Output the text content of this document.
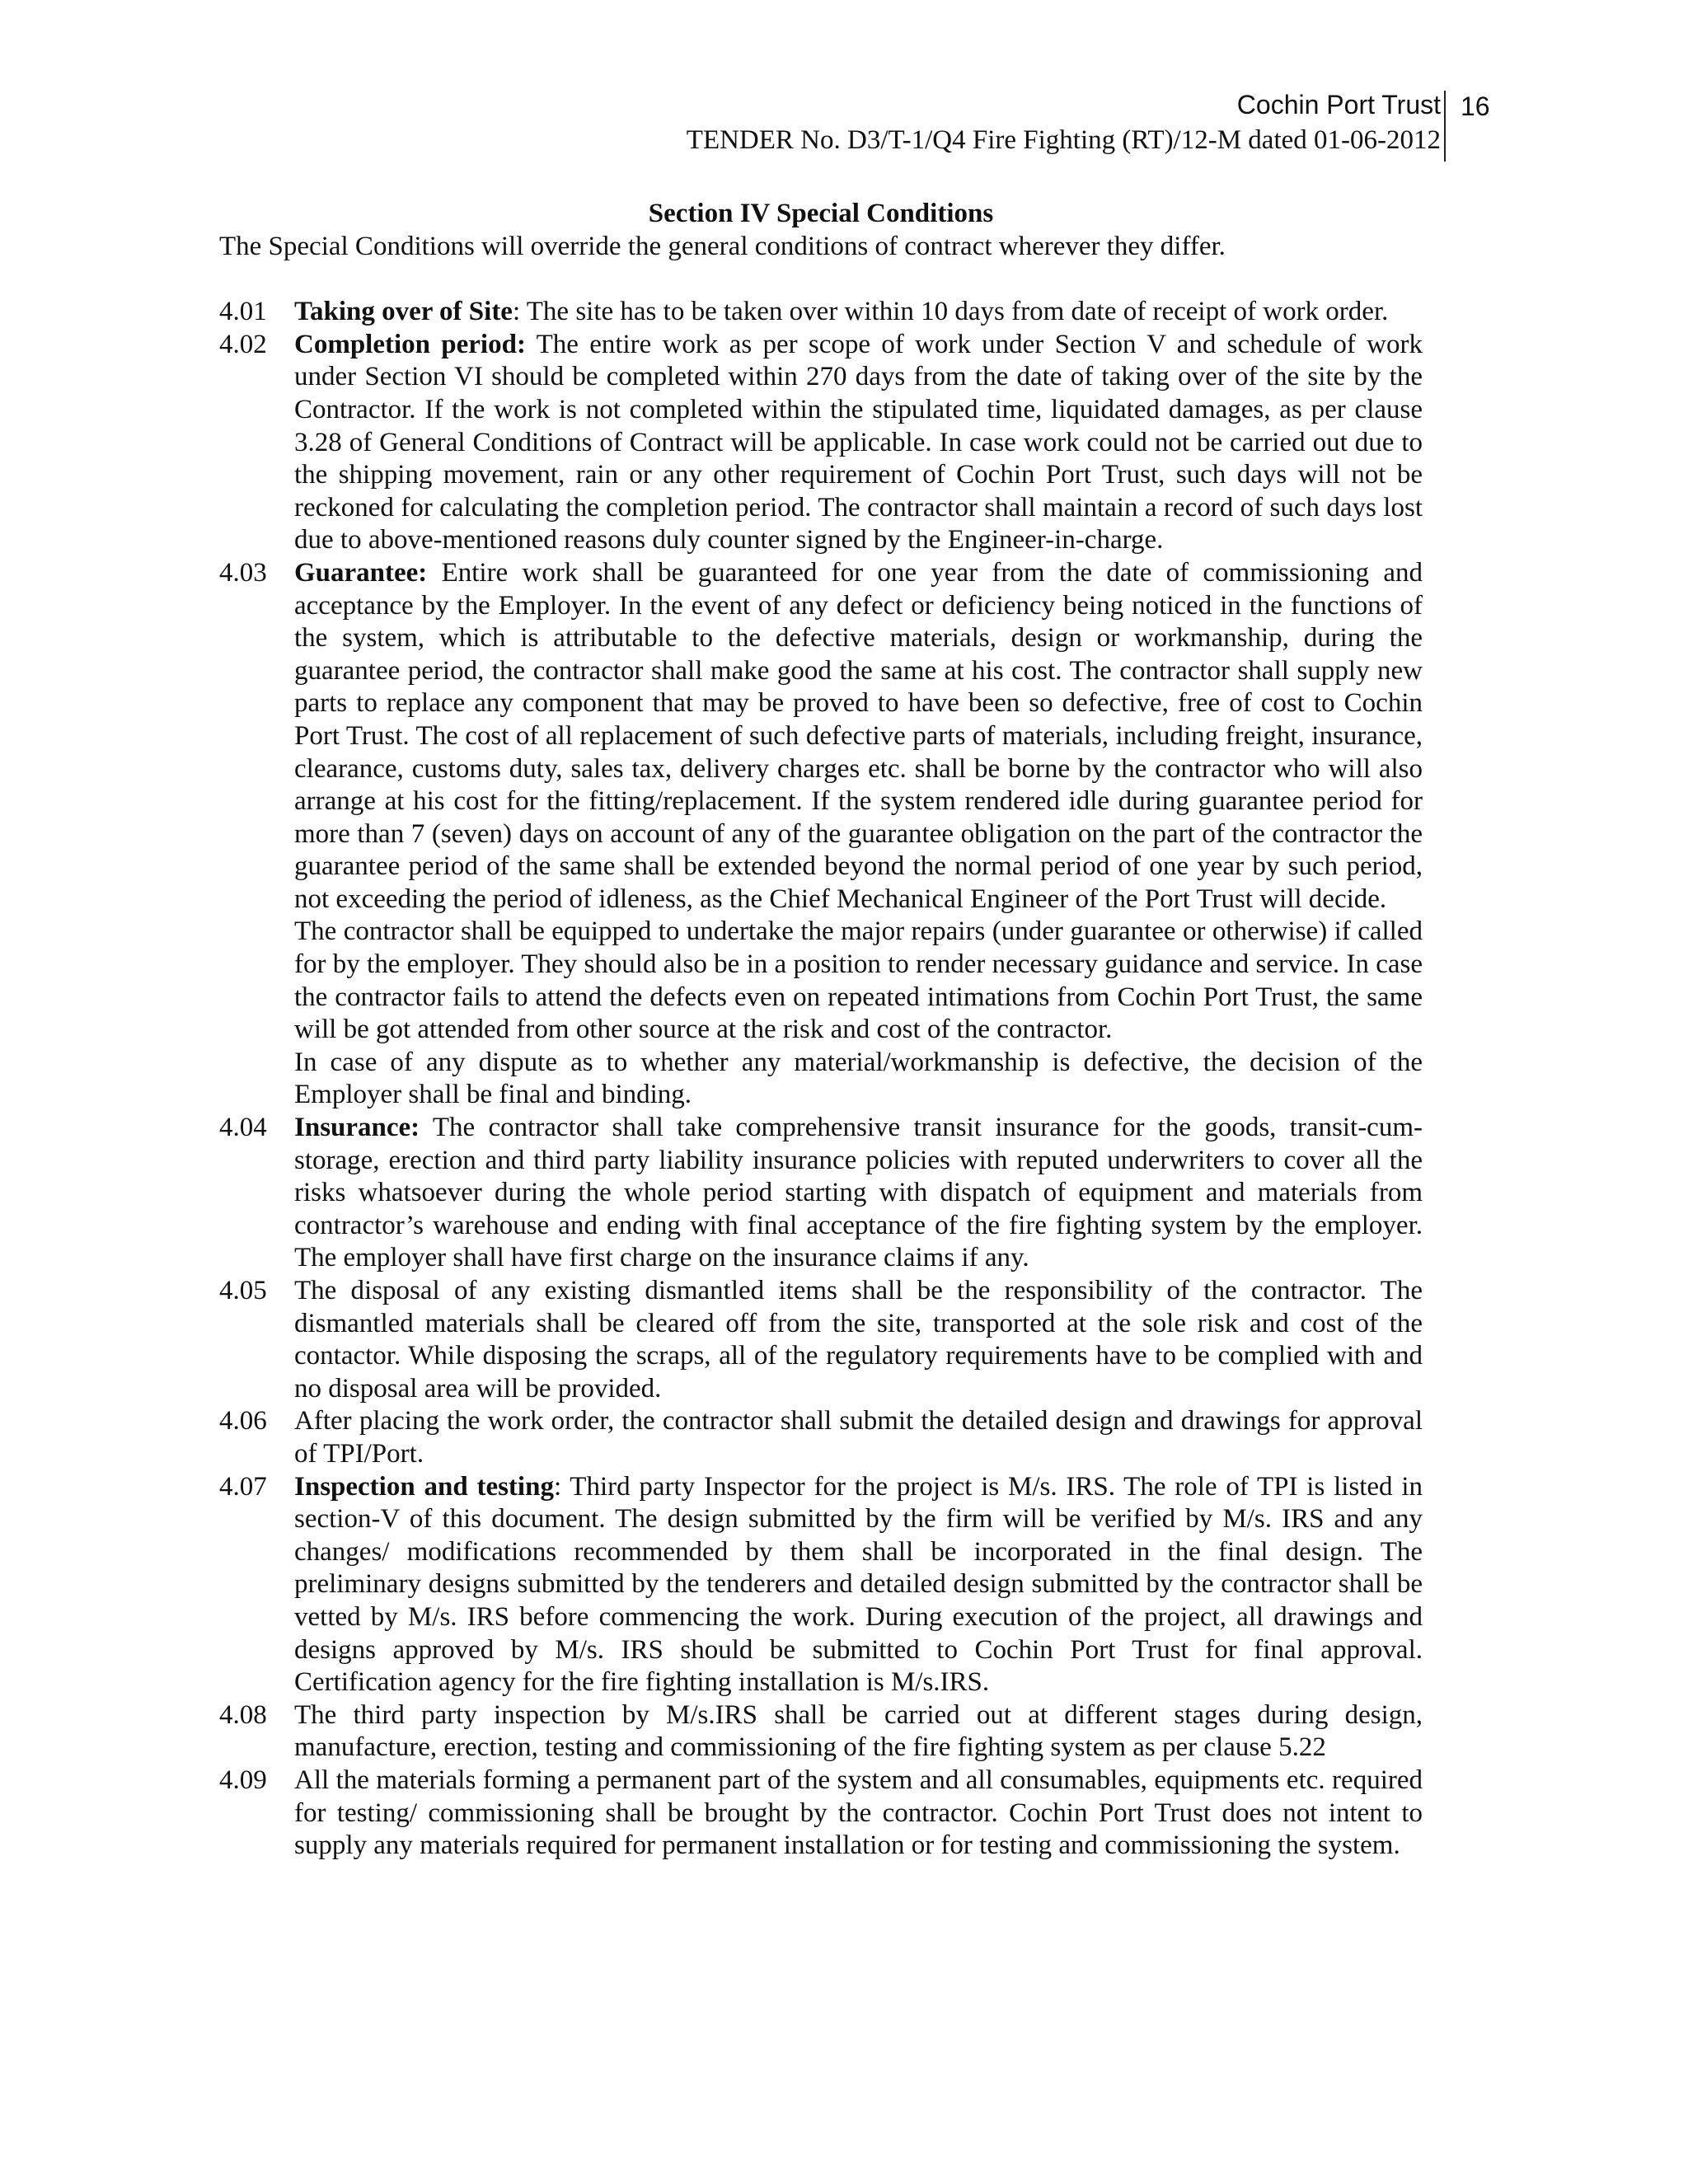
Cochin Port Trust
TENDER No. D3/T-1/Q4 Fire Fighting (RT)/12-M dated 01-06-2012
16

Section IV Special Conditions

The Special Conditions will override the general conditions of contract wherever they differ.

4.01	Taking over of Site: The site has to be taken over within 10 days from date of receipt of work order.

4.02	Completion period: The entire work as per scope of work under Section V and schedule of work under Section VI should be completed within 270 days from the date of taking over of the site by the Contractor. If the work is not completed within the stipulated time, liquidated damages, as per clause 3.28 of General Conditions of Contract will be applicable. In case work could not be carried out due to the shipping movement, rain or any other requirement of Cochin Port Trust, such days will not be reckoned for calculating the completion period. The contractor shall maintain a record of such days lost due to above-mentioned reasons duly counter signed by the Engineer-in-charge.

4.03	Guarantee: Entire work shall be guaranteed for one year from the date of commissioning and acceptance by the Employer. In the event of any defect or deficiency being noticed in the functions of the system, which is attributable to the defective materials, design or workmanship, during the guarantee period, the contractor shall make good the same at his cost. The contractor shall supply new parts to replace any component that may be proved to have been so defective, free of cost to Cochin Port Trust. The cost of all replacement of such defective parts of materials, including freight, insurance, clearance, customs duty, sales tax, delivery charges etc. shall be borne by the contractor who will also arrange at his cost for the fitting/replacement. If the system rendered idle during guarantee period for more than 7 (seven) days on account of any of the guarantee obligation on the part of the contractor the guarantee period of the same shall be extended beyond the normal period of one year by such period, not exceeding the period of idleness, as the Chief Mechanical Engineer of the Port Trust will decide.

The contractor shall be equipped to undertake the major repairs (under guarantee or otherwise) if called for by the employer. They should also be in a position to render necessary guidance and service. In case the contractor fails to attend the defects even on repeated intimations from Cochin Port Trust, the same will be got attended from other source at the risk and cost of the contractor.

In case of any dispute as to whether any material/workmanship is defective, the decision of the Employer shall be final and binding.

4.04	Insurance: The contractor shall take comprehensive transit insurance for the goods, transit-cum-storage, erection and third party liability insurance policies with reputed underwriters to cover all the risks whatsoever during the whole period starting with dispatch of equipment and materials from contractor’s warehouse and ending with final acceptance of the fire fighting system by the employer. The employer shall have first charge on the insurance claims if any.

4.05	The disposal of any existing dismantled items shall be the responsibility of the contractor. The dismantled materials shall be cleared off from the site, transported at the sole risk and cost of the contactor. While disposing the scraps, all of the regulatory requirements have to be complied with and no disposal area will be provided.

4.06	After placing the work order, the contractor shall submit the detailed design and drawings for approval of TPI/Port.

4.07	Inspection and testing: Third party Inspector for the project is M/s. IRS. The role of TPI is listed in section-V of this document. The design submitted by the firm will be verified by M/s. IRS and any changes/ modifications recommended by them shall be incorporated in the final design. The preliminary designs submitted by the tenderers and detailed design submitted by the contractor shall be vetted by M/s. IRS before commencing the work. During execution of the project, all drawings and designs approved by M/s. IRS should be submitted to Cochin Port Trust for final approval. Certification agency for the fire fighting installation is M/s.IRS.

4.08	The third party inspection by M/s.IRS shall be carried out at different stages during design, manufacture, erection, testing and commissioning of the fire fighting system as per clause 5.22

4.09	All the materials forming a permanent part of the system and all consumables, equipments etc. required for testing/ commissioning shall be brought by the contractor. Cochin Port Trust does not intent to supply any materials required for permanent installation or for testing and commissioning the system.
